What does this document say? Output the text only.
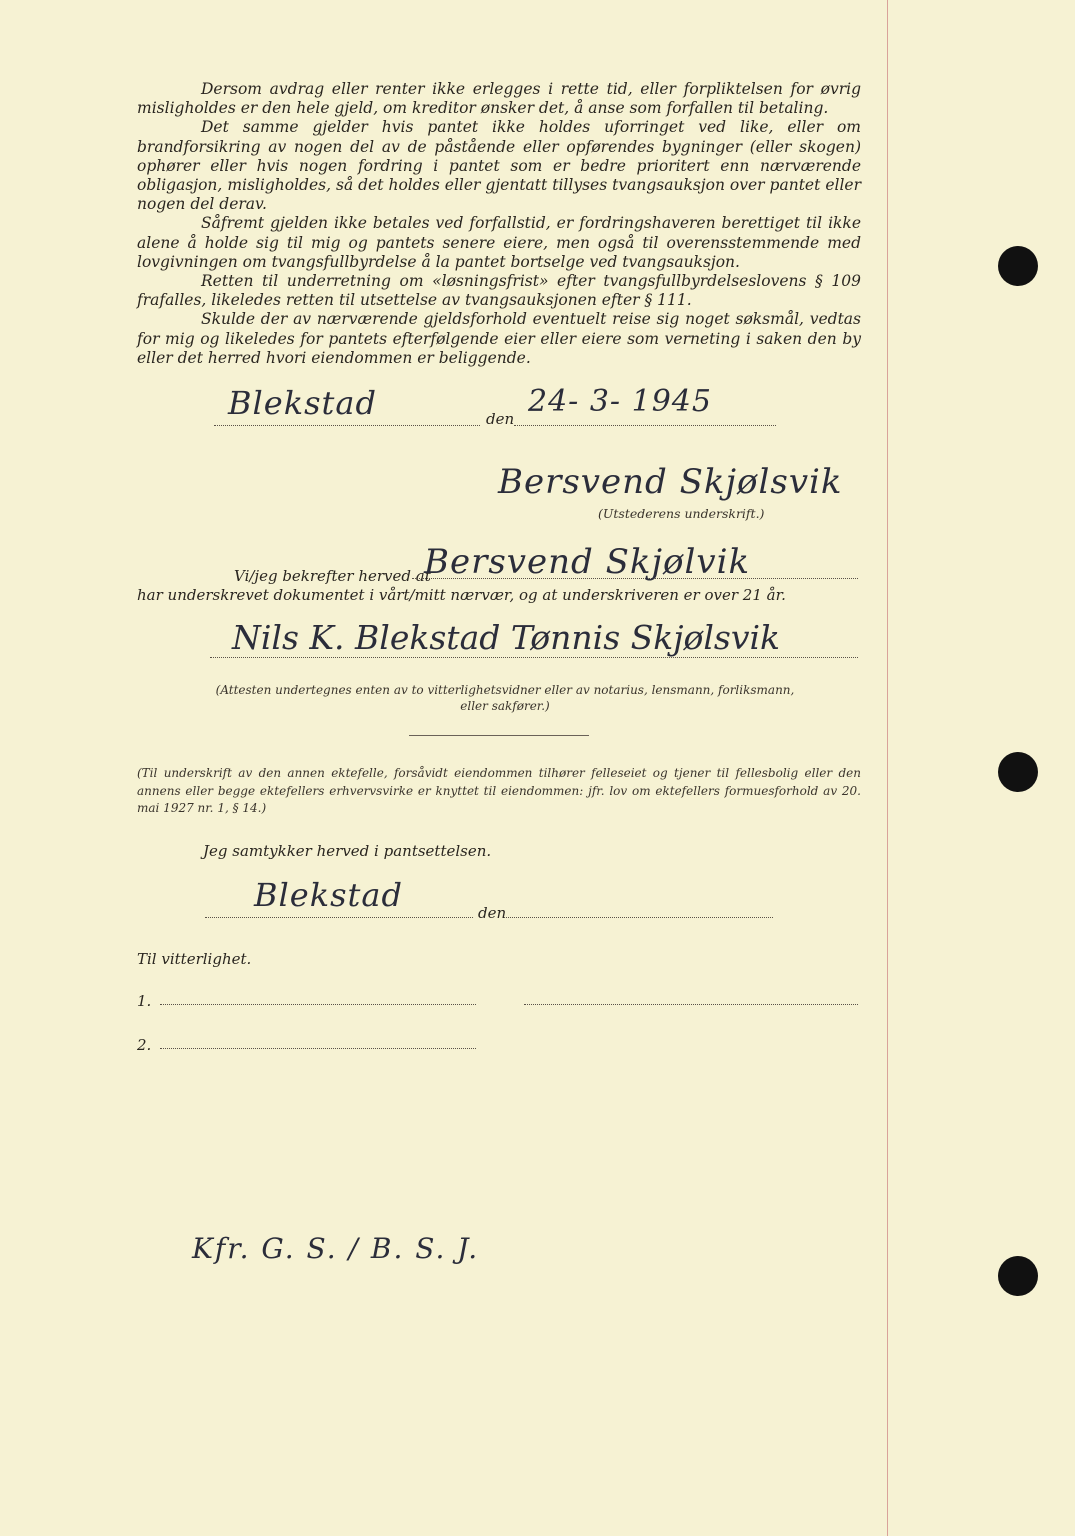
Dersom avdrag eller renter ikke erlegges i rette tid, eller forpliktelsen for øvrig misligholdes er den hele gjeld, om kreditor ønsker det, å anse som forfallen til betaling.

Det samme gjelder hvis pantet ikke holdes uforringet ved like, eller om brandforsikring av nogen del av de påstående eller opførendes bygninger (eller skogen) ophører eller hvis nogen fordring i pantet som er bedre prioritert enn nærværende obligasjon, misligholdes, så det holdes eller gjentatt tillyses tvangsauksjon over pantet eller nogen del derav.

Såfremt gjelden ikke betales ved forfallstid, er fordringshaveren berettiget til ikke alene å holde sig til mig og pantets senere eiere, men også til overensstemmende med lovgivningen om tvangsfullbyrdelse å la pantet bortselge ved tvangsauksjon.

Retten til underretning om «løsningsfrist» efter tvangsfullbyrdelseslovens § 109 frafalles, likeledes retten til utsettelse av tvangsauksjonen efter § 111.

Skulde der av nærværende gjeldsforhold eventuelt reise sig noget søksmål, vedtas for mig og likeledes for pantets efterfølgende eier eller eiere som verneting i saken den by eller det herred hvori eiendommen er beliggende.

Blekstad	den 24- 3- 1945
Bersvend Skjølsvik
(Utstederens underskrift.)
Vi/jeg bekrefter herved at
Bersvend Skjølvik
har underskrevet dokumentet i vårt/mitt nærvær, og at underskriveren er over 21 år.
Nils K. Blekstad Tønnis Skjølsvik
(Attesten undertegnes enten av to vitterlighetsvidner eller av notarius, lensmann, forliksmann, eller sakfører.)
(Til underskrift av den annen ektefelle, forsåvidt eiendommen tilhører felleseiet og tjener til fellesbolig eller den annens eller begge ektefellers erhvervsvirke er knyttet til eiendommen: jfr. lov om ektefellers formuesforhold av 20. mai 1927 nr. 1, § 14.)
Jeg samtykker herved i pantsettelsen.
Blekstad	den
Til vitterlighet.
1.
2.
Kfr. G. S. / B. S. J.
